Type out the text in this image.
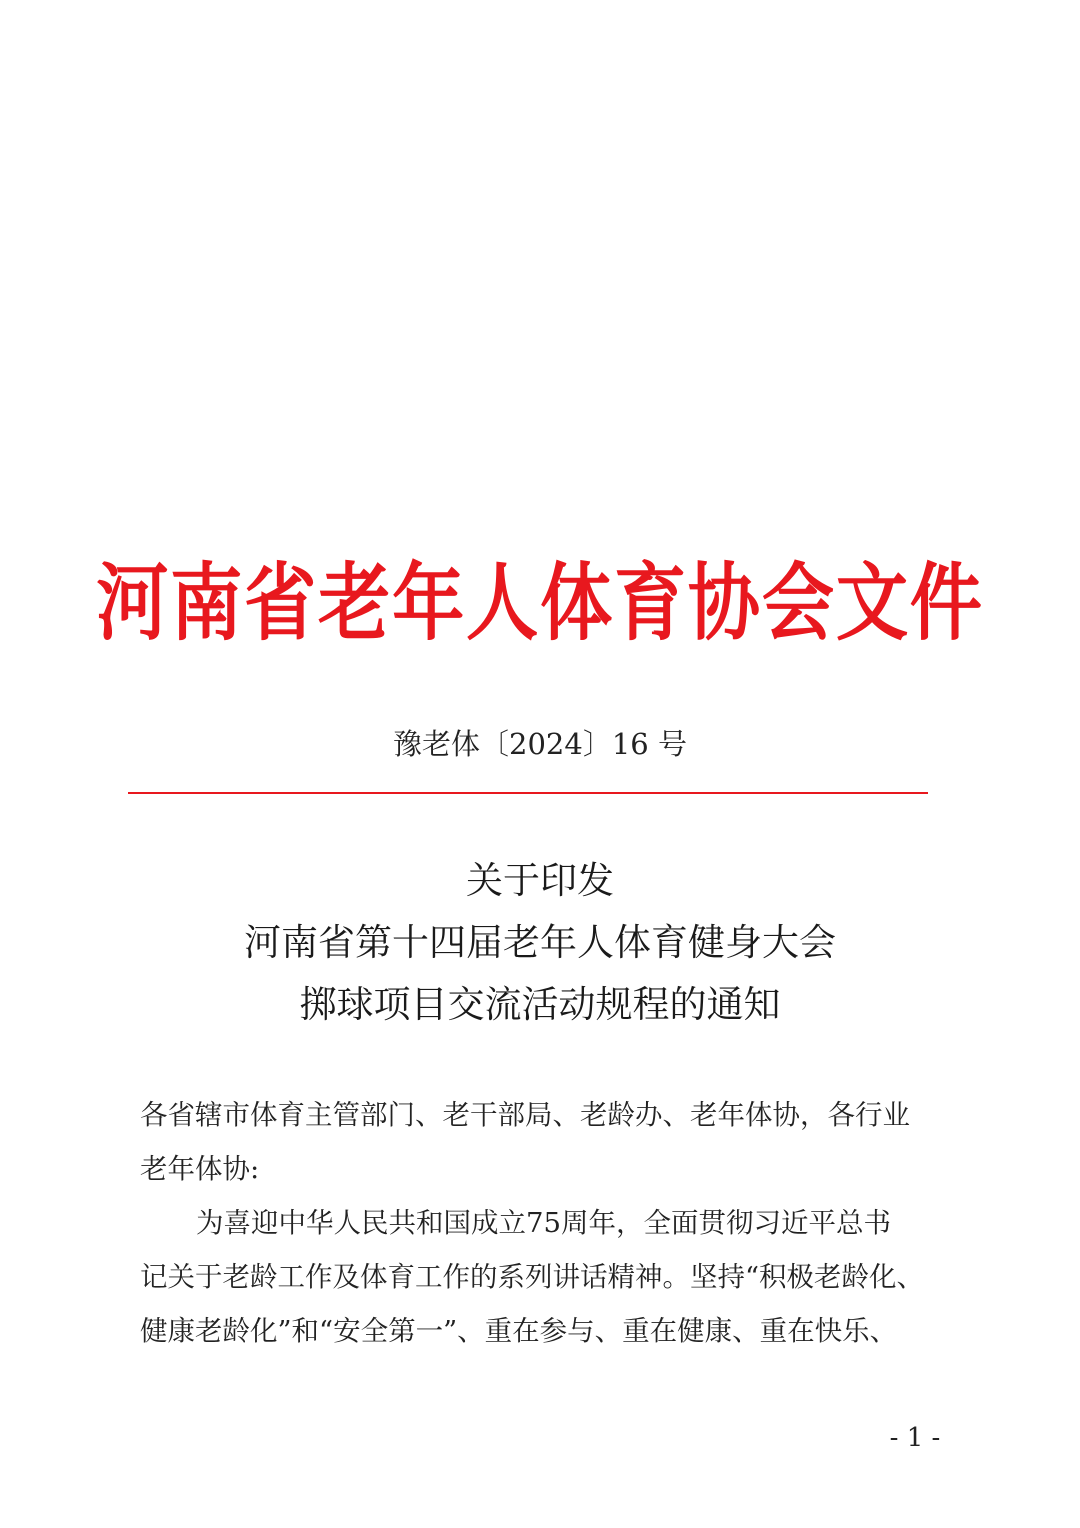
河南省老年人体育协会文件
豫老体〔2024〕16 号
关于印发
河南省第十四届老年人体育健身大会
掷球项目交流活动规程的通知
各省辖市体育主管部门、老干部局、老龄办、老年体协，各行业
老年体协:
为喜迎中华人民共和国成立75周年，全面贯彻习近平总书
记关于老龄工作及体育工作的系列讲话精神。坚持“积极老龄化、
健康老龄化”和“安全第一”、重在参与、重在健康、重在快乐、
- 1 -
